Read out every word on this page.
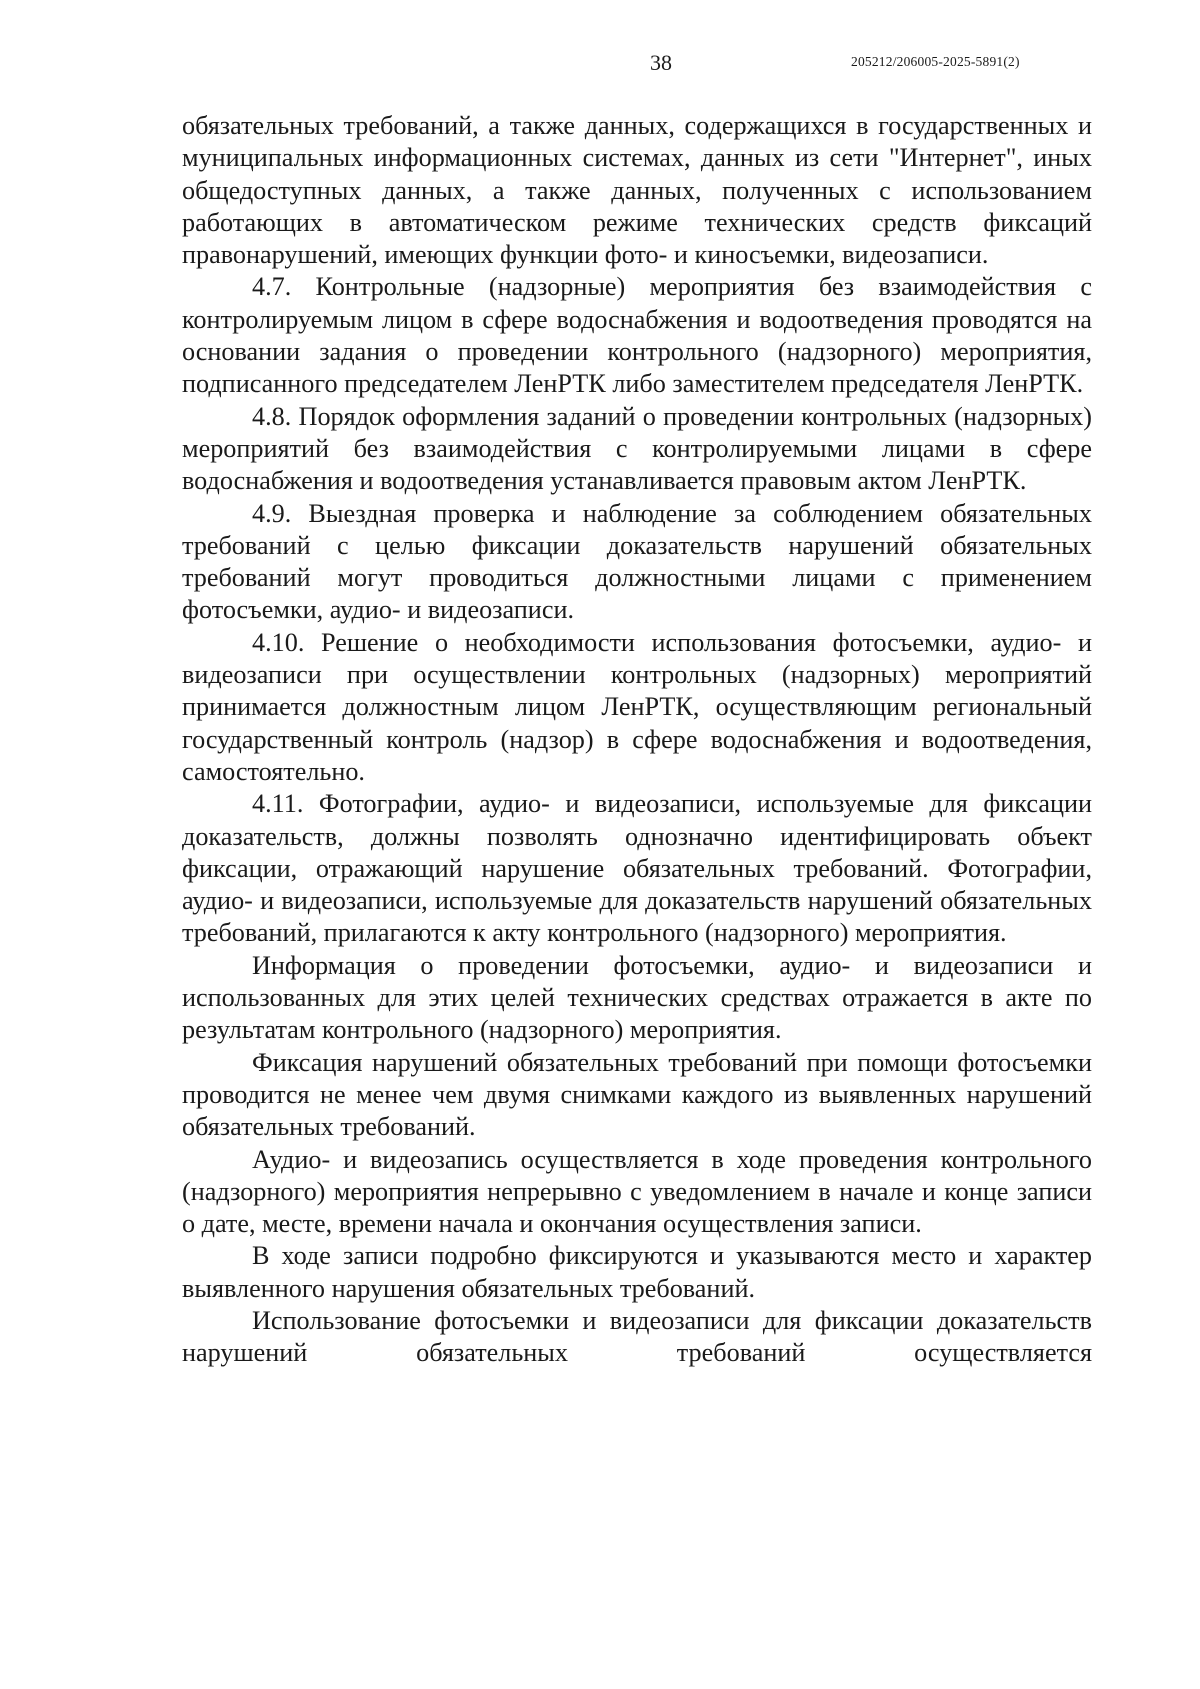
38	205212/206005-2025-5891(2)

обязательных требований, а также данных, содержащихся в государственных и муниципальных информационных системах, данных из сети "Интернет", иных общедоступных данных, а также данных, полученных с использованием работающих в автоматическом режиме технических средств фиксаций правонарушений, имеющих функции фото- и киносъемки, видеозаписи.

4.7. Контрольные (надзорные) мероприятия без взаимодействия с контролируемым лицом в сфере водоснабжения и водоотведения проводятся на основании задания о проведении контрольного (надзорного) мероприятия, подписанного председателем ЛенРТК либо заместителем председателя ЛенРТК.

4.8. Порядок оформления заданий о проведении контрольных (надзорных) мероприятий без взаимодействия с контролируемыми лицами в сфере водоснабжения и водоотведения устанавливается правовым актом ЛенРТК.

4.9. Выездная проверка и наблюдение за соблюдением обязательных требований с целью фиксации доказательств нарушений обязательных требований могут проводиться должностными лицами с применением фотосъемки, аудио- и видеозаписи.

4.10. Решение о необходимости использования фотосъемки, аудио- и видеозаписи при осуществлении контрольных (надзорных) мероприятий принимается должностным лицом ЛенРТК, осуществляющим региональный государственный контроль (надзор) в сфере водоснабжения и водоотведения, самостоятельно.

4.11. Фотографии, аудио- и видеозаписи, используемые для фиксации доказательств, должны позволять однозначно идентифицировать объект фиксации, отражающий нарушение обязательных требований. Фотографии, аудио- и видеозаписи, используемые для доказательств нарушений обязательных требований, прилагаются к акту контрольного (надзорного) мероприятия.

Информация о проведении фотосъемки, аудио- и видеозаписи и использованных для этих целей технических средствах отражается в акте по результатам контрольного (надзорного) мероприятия.

Фиксация нарушений обязательных требований при помощи фотосъемки проводится не менее чем двумя снимками каждого из выявленных нарушений обязательных требований.

Аудио- и видеозапись осуществляется в ходе проведения контрольного (надзорного) мероприятия непрерывно с уведомлением в начале и конце записи о дате, месте, времени начала и окончания осуществления записи.

В ходе записи подробно фиксируются и указываются место и характер выявленного нарушения обязательных требований.

Использование фотосъемки и видеозаписи для фиксации доказательств нарушений обязательных требований осуществляется
